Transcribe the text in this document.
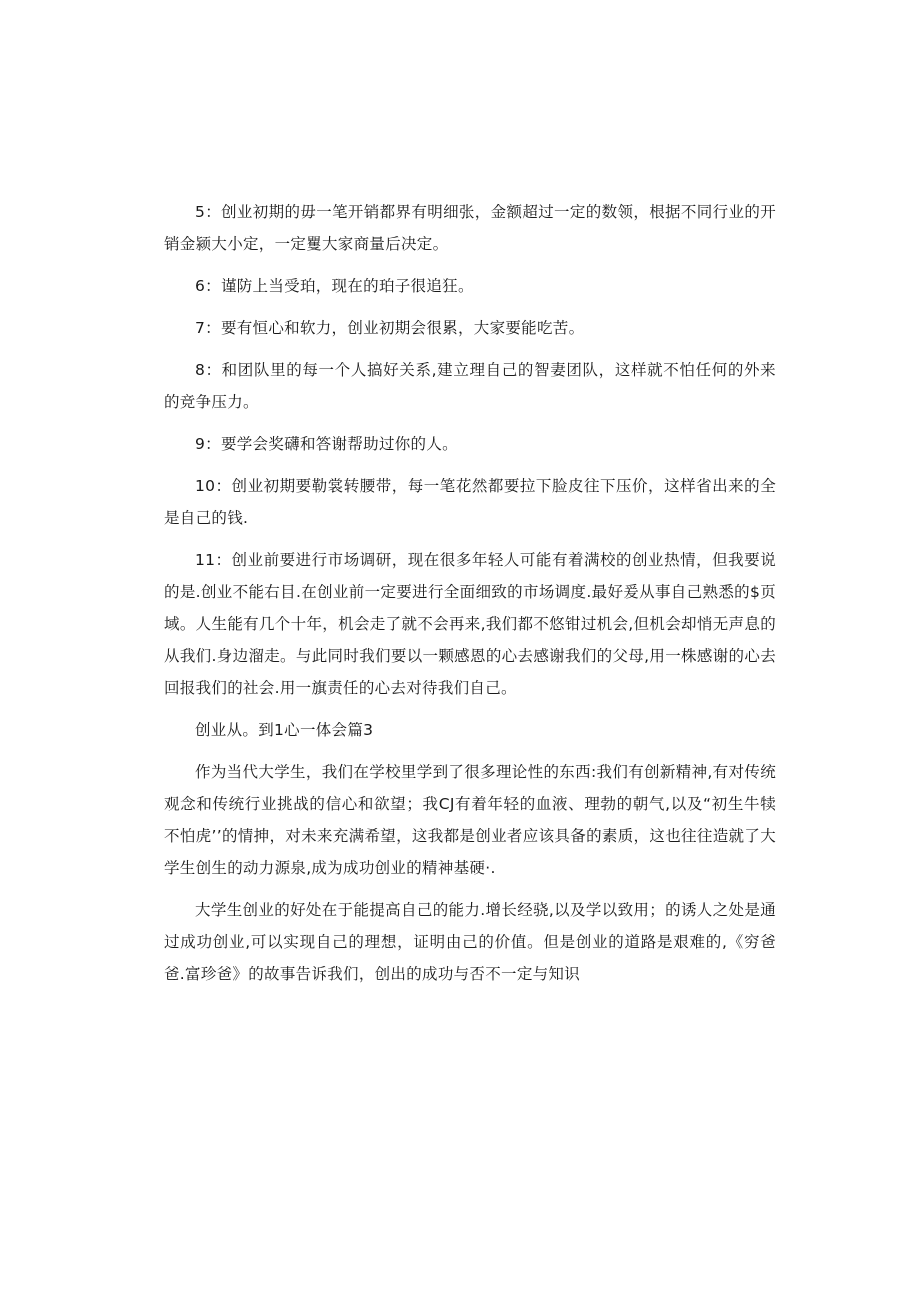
5：创业初期的毋一笔开销都界有明细张，金额超过一定的数领，根据不同行业的开销金颍大小定，一定矍大家商量后决定。

6：谨防上当受珀，现在的珀子很追狂。

7：要有恒心和软力，创业初期会很累，大家要能吃苦。

8：和团队里的每一个人搞好关系,建立理自己的智妻团队，这样就不怕任何的外来的竞争压力。

9：要学会奖礴和答谢帮助过你的人。

10：创业初期要勒裳转腰带，每一笔花然都要拉下脸皮往下压价，这样省出来的全是自己的钱.

11：创业前要进行市场调研，现在很多年轻人可能有着满校的创业热情，但我要说的是.创业不能右目.在创业前一定要进行全面细致的市场调度.最好爰从事自己熟悉的$页域。人生能有几个十年，机会走了就不会再来,我们都不悠钳过机会,但机会却悄无声息的从我们.身边溜走。与此同时我们要以一颗感恩的心去感谢我们的父母,用一株感谢的心去回报我们的社会.用一旗责任的心去对待我们自己。

创业从。到1心一体会篇3

作为当代大学生，我们在学校里学到了很多理论性的东西:我们有创新精神,有对传统观念和传统行业挑战的信心和欲望；我CJ有着年轻的血液、理勃的朝气,以及“初生牛犊不怕虎’’的情抻，对未来充满希望，这我都是创业者应该具备的素质，这也往往造就了大学生创生的动力源泉,成为成功创业的精神基硬·.

大学生创业的好处在于能提高自己的能力.增长经骁,以及学以致用；的诱人之处是通过成功创业,可以实现自己的理想，证明由己的价值。但是创业的道路是艰难的,《穷爸爸.富珍爸》的故事告诉我们，创出的成功与否不一定与知识
